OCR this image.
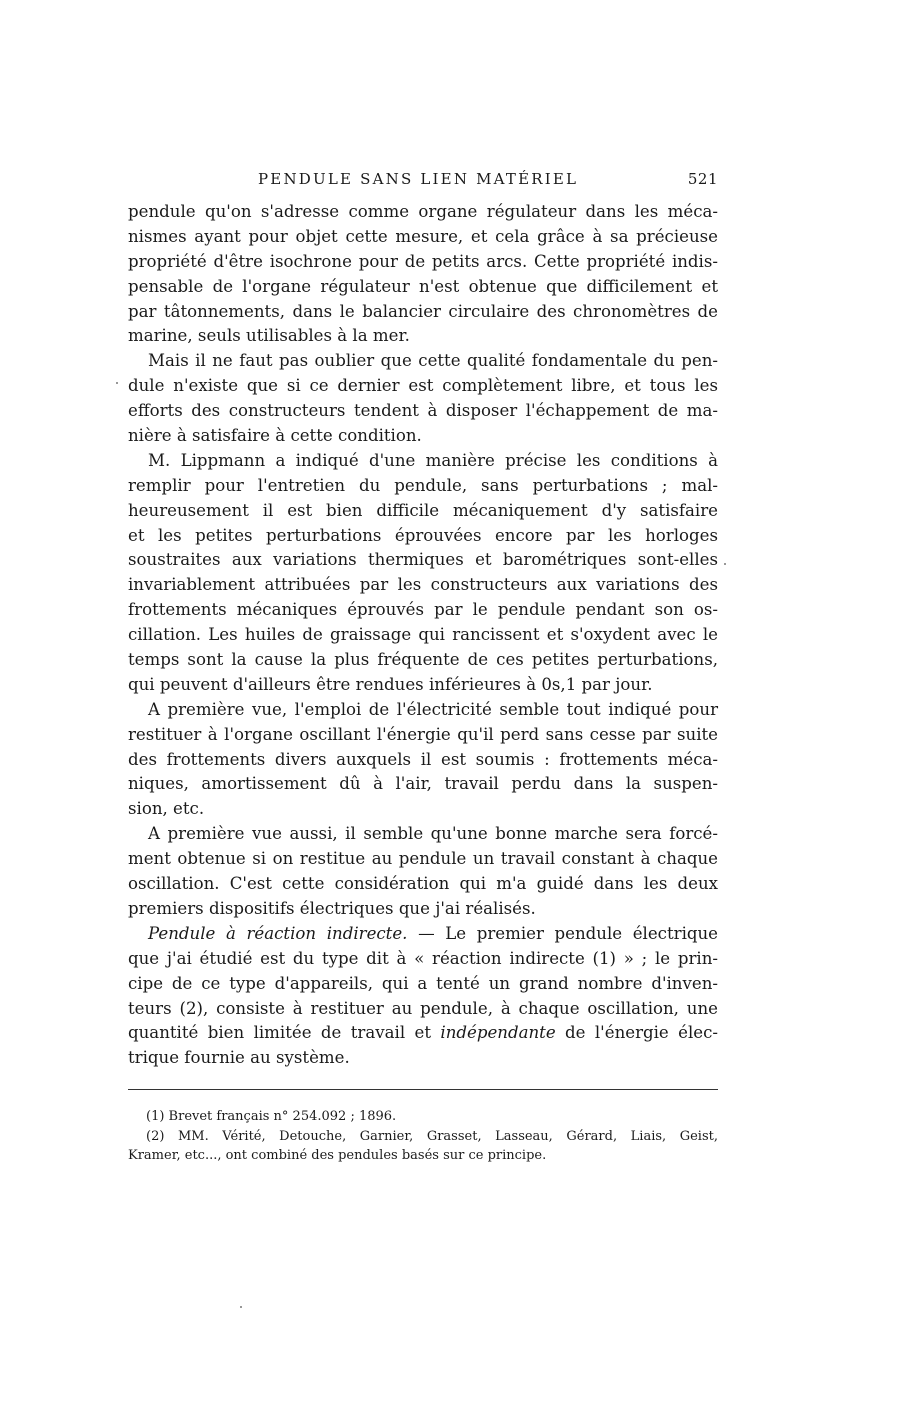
PENDULE SANS LIEN MATÉRIEL	521
pendule qu'on s'adresse comme organe régulateur dans les méca-
nismes ayant pour objet cette mesure, et cela grâce à sa précieuse
propriété d'être isochrone pour de petits arcs. Cette propriété indis-
pensable de l'organe régulateur n'est obtenue que difficilement et
par tâtonnements, dans le balancier circulaire des chronomètres de
marine, seuls utilisables à la mer.
Mais il ne faut pas oublier que cette qualité fondamentale du pen-
dule n'existe que si ce dernier est complètement libre, et tous les
efforts des constructeurs tendent à disposer l'échappement de ma-
nière à satisfaire à cette condition.
M. Lippmann a indiqué d'une manière précise les conditions à
remplir pour l'entretien du pendule, sans perturbations ; mal-
heureusement il est bien difficile mécaniquement d'y satisfaire
et les petites perturbations éprouvées encore par les horloges
soustraites aux variations thermiques et barométriques sont-elles
invariablement attribuées par les constructeurs aux variations des
frottements mécaniques éprouvés par le pendule pendant son os-
cillation. Les huiles de graissage qui rancissent et s'oxydent avec le
temps sont la cause la plus fréquente de ces petites perturbations,
qui peuvent d'ailleurs être rendues inférieures à 0s,1 par jour.
A première vue, l'emploi de l'électricité semble tout indiqué pour
restituer à l'organe oscillant l'énergie qu'il perd sans cesse par suite
des frottements divers auxquels il est soumis : frottements méca-
niques, amortissement dû à l'air, travail perdu dans la suspen-
sion, etc.
A première vue aussi, il semble qu'une bonne marche sera forcé-
ment obtenue si on restitue au pendule un travail constant à chaque
oscillation. C'est cette considération qui m'a guidé dans les deux
premiers dispositifs électriques que j'ai réalisés.
Pendule à réaction indirecte. — Le premier pendule électrique
que j'ai étudié est du type dit à « réaction indirecte (1) » ; le prin-
cipe de ce type d'appareils, qui a tenté un grand nombre d'inven-
teurs (2), consiste à restituer au pendule, à chaque oscillation, une
quantité bien limitée de travail et indépendante de l'énergie élec-
trique fournie au système.
(1) Brevet français n° 254.092 ; 1896.
(2) MM. Vérité, Detouche, Garnier, Grasset, Lasseau, Gérard, Liais, Geist,
Kramer, etc..., ont combiné des pendules basés sur ce principe.
